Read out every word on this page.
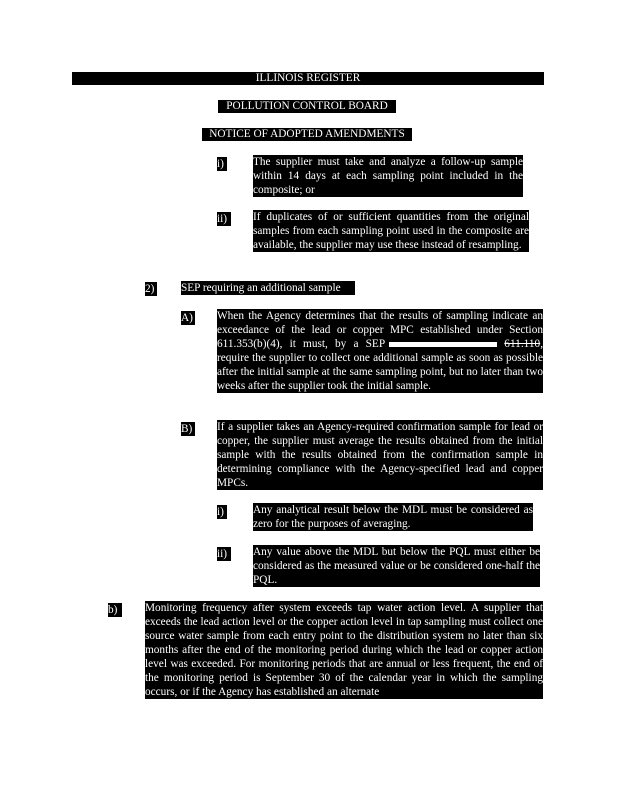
ILLINOIS REGISTER
POLLUTION CONTROL BOARD
NOTICE OF ADOPTED AMENDMENTS
i)	The supplier must take and analyze a follow-up sample within 14 days at each sampling point included in the composite; or
ii)	If duplicates of or sufficient quantities from the original samples from each sampling point used in the composite are available, the supplier may use these instead of resampling.
2) SEP requiring an additional sample
A) When the Agency determines that the results of sampling indicate an exceedance of the lead or copper MPC established under Section 611.353(b)(4), it must, by a SEP	611.110, require the supplier to collect one additional sample as soon as possible after the initial sample at the same sampling point, but no later than two weeks after the supplier took the initial sample.
B) If a supplier takes an Agency-required confirmation sample for lead or copper, the supplier must average the results obtained from the initial sample with the results obtained from the confirmation sample in determining compliance with the Agency-specified lead and copper MPCs.
i)	Any analytical result below the MDL must be considered as zero for the purposes of averaging.
ii)	Any value above the MDL but below the PQL must either be considered as the measured value or be considered one-half the PQL.
b)	Monitoring frequency after system exceeds tap water action level. A supplier that exceeds the lead action level or the copper action level in tap sampling must collect one source water sample from each entry point to the distribution system no later than six months after the end of the monitoring period during which the lead or copper action level was exceeded. For monitoring periods that are annual or less frequent, the end of the monitoring period is September 30 of the calendar year in which the sampling occurs, or if the Agency has established an alternate
